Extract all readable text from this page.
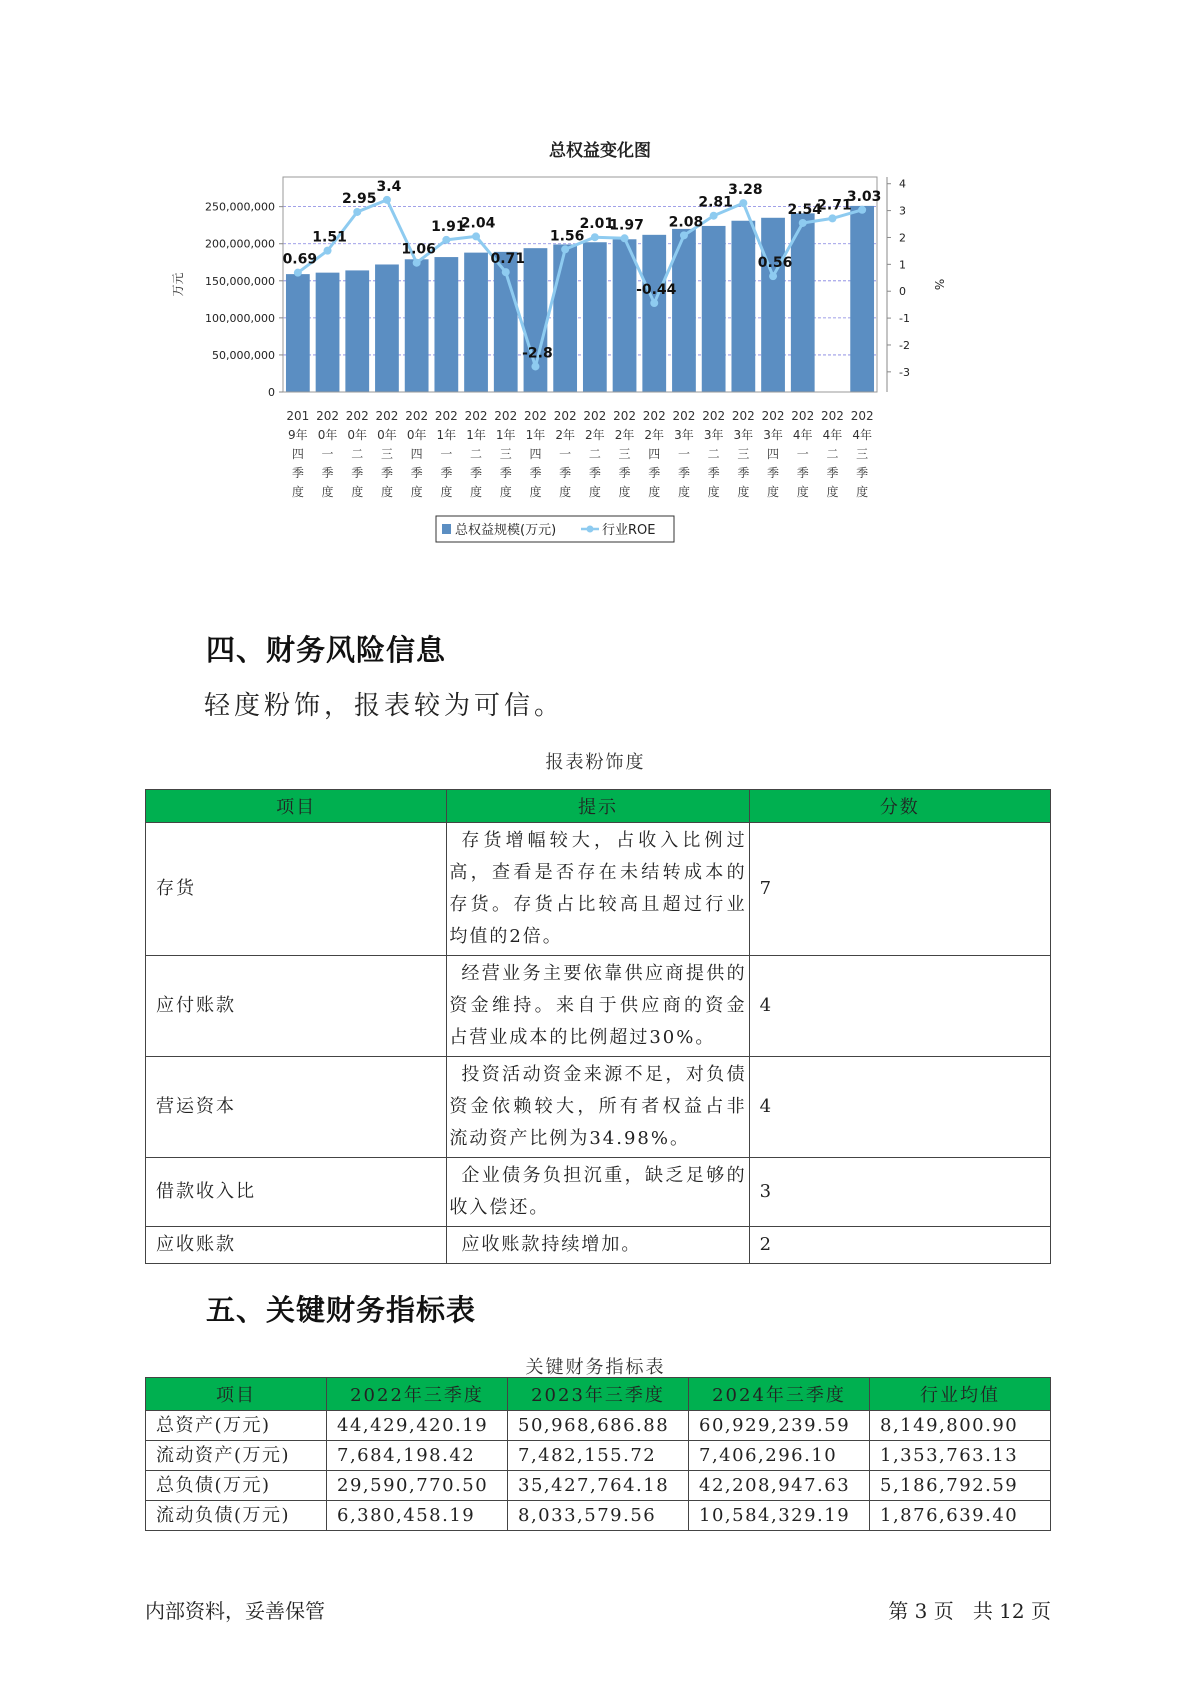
总权益变化图
0
50,000,000
100,000,000
150,000,000
200,000,000
250,000,000
-3
-2
-1
0
1
2
3
4
万元	%
0.69
1.51
2.95
3.4
1.06
1.91
2.04
0.71
-2.8
1.56
2.01
1.97
-0.44
2.08
2.81
3.28
0.56
2.54
2.71
3.03
201
9年
四
季
度
202
0年
一
季
度
202
0年
二
季
度
202
0年
三
季
度
202
0年
四
季
度
202
1年
一
季
度
202
1年
二
季
度
202
1年
三
季
度
202
1年
四
季
度
202
2年
一
季
度
202
2年
二
季
度
202
2年
三
季
度
202
2年
四
季
度
202
3年
一
季
度
202
3年
二
季
度
202
3年
三
季
度
202
3年
四
季
度
202
4年
一
季
度
202
4年
二
季
度
202
4年
三
季
度
总权益规模(万元)	行业ROE
四、财务风险信息
轻度粉饰，报表较为可信。
报表粉饰度
项目	提示	分数
存货	存货增幅较大，占收入比例过高，查看是否存在未结转成本的存货。存货占比较高且超过行业均值的2倍。	7
应付账款	经营业务主要依靠供应商提供的资金维持。来自于供应商的资金占营业成本的比例超过30%。	4
营运资本	投资活动资金来源不足，对负债资金依赖较大，所有者权益占非流动资产比例为34.98%。	4
借款收入比	企业债务负担沉重，缺乏足够的收入偿还。	3
应收账款	应收账款持续增加。	2
五、关键财务指标表
关键财务指标表
项目	2022年三季度	2023年三季度	2024年三季度	行业均值
总资产(万元)	44,429,420.19	50,968,686.88	60,929,239.59	8,149,800.90
流动资产(万元)	7,684,198.42	7,482,155.72	7,406,296.10	1,353,763.13
总负债(万元)	29,590,770.50	35,427,764.18	42,208,947.63	5,186,792.59
流动负债(万元)	6,380,458.19	8,033,579.56	10,584,329.19	1,876,639.40
内部资料，妥善保管	第 3 页   共 12 页
